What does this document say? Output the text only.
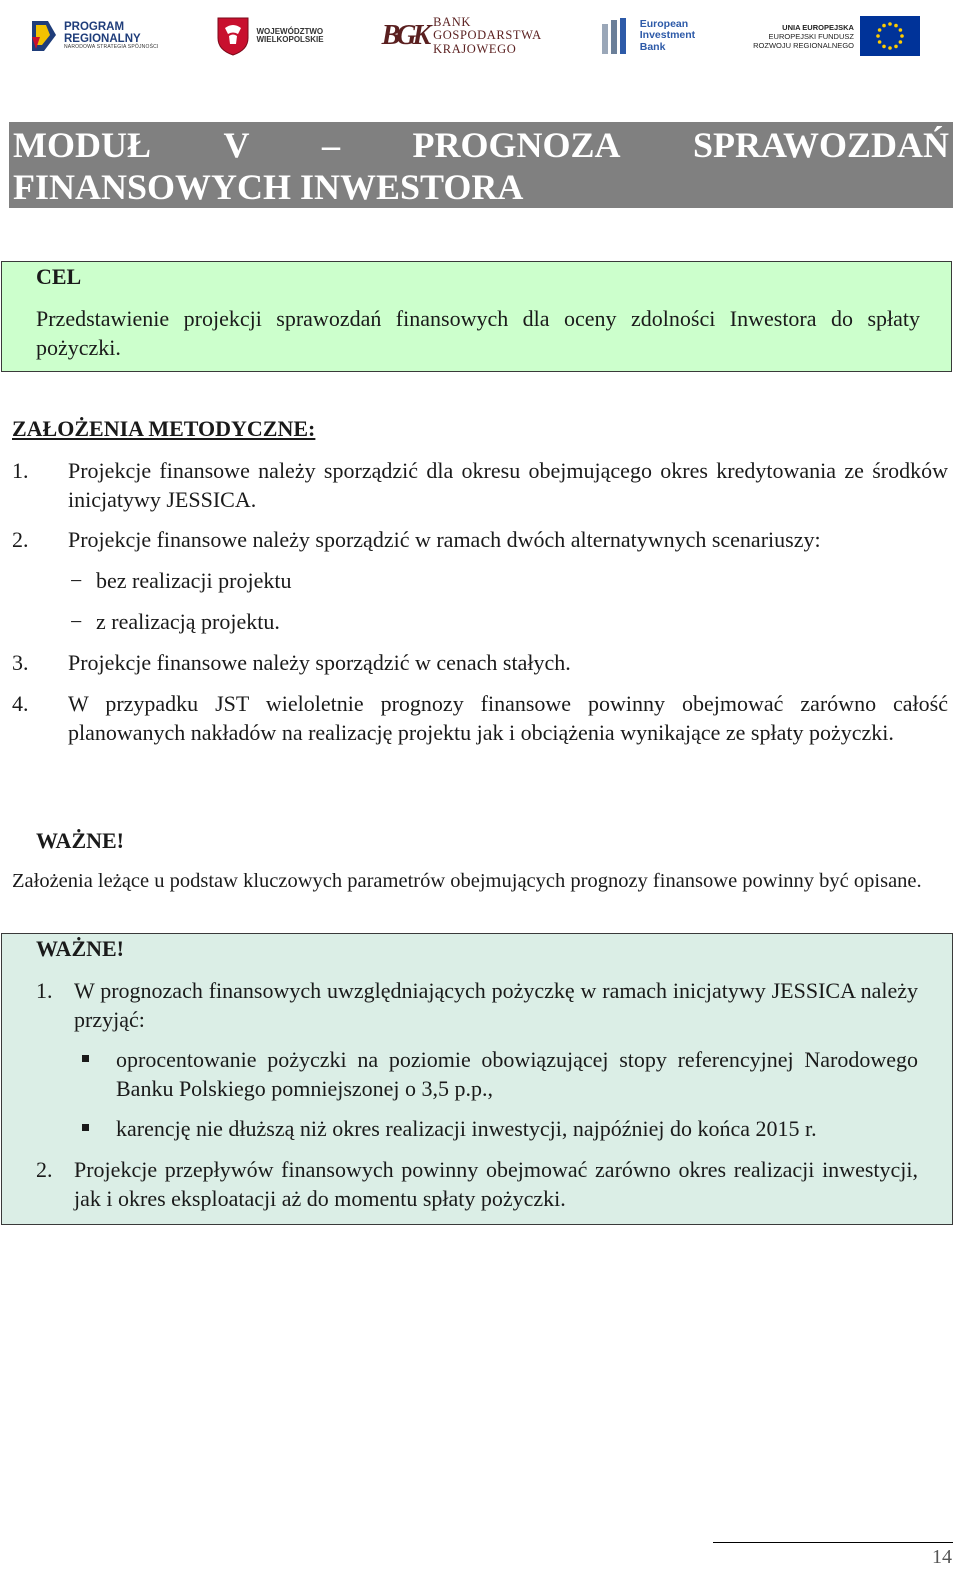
PROGRAM
REGIONALNY
NARODOWA STRATEGIA SPÓJNOŚCI
WOJEWÓDZTWO
WIELKOPOLSKIE BGK BANK
GOSPODARSTWA
KRAJOWEGO
European
Investment
Bank
UNIA EUROPEJSKA
EUROPEJSKI FUNDUSZ
ROZWOJU REGIONALNEGO
MODUŁ V – PROGNOZA SPRAWOZDAŃ
FINANSOWYCH INWESTORA
CEL

Przedstawienie projekcji sprawozdań finansowych dla oceny zdolności Inwestora do spłaty pożyczki.

ZAŁOŻENIA METODYCZNE:
1. Projekcje finansowe należy sporządzić dla okresu obejmującego okres kredytowania ze środków inicjatywy JESSICA.

2. Projekcje finansowe należy sporządzić w ramach dwóch alternatywnych scenariuszy:

− bez realizacji projektu
− z realizacją projektu.
3. Projekcje finansowe należy sporządzić w cenach stałych.

4. W przypadku JST wieloletnie prognozy finansowe powinny obejmować zarówno całość planowanych nakładów na realizację projektu jak i obciążenia wynikające ze spłaty pożyczki.

WAŻNE!

Założenia leżące u podstaw kluczowych parametrów obejmujących prognozy finansowe powinny być opisane.

WAŻNE!
1. W prognozach finansowych uwzględniających pożyczkę w ramach inicjatywy JESSICA należy przyjąć:

oprocentowanie pożyczki na poziomie obowiązującej stopy referencyjnej Narodowego Banku Polskiego pomniejszonej o 3,5 p.p.,

karencję nie dłuższą niż okres realizacji inwestycji, najpóźniej do końca 2015 r.

2. Projekcje przepływów finansowych powinny obejmować zarówno okres realizacji inwestycji, jak i okres eksploatacji aż do momentu spłaty pożyczki.

14
